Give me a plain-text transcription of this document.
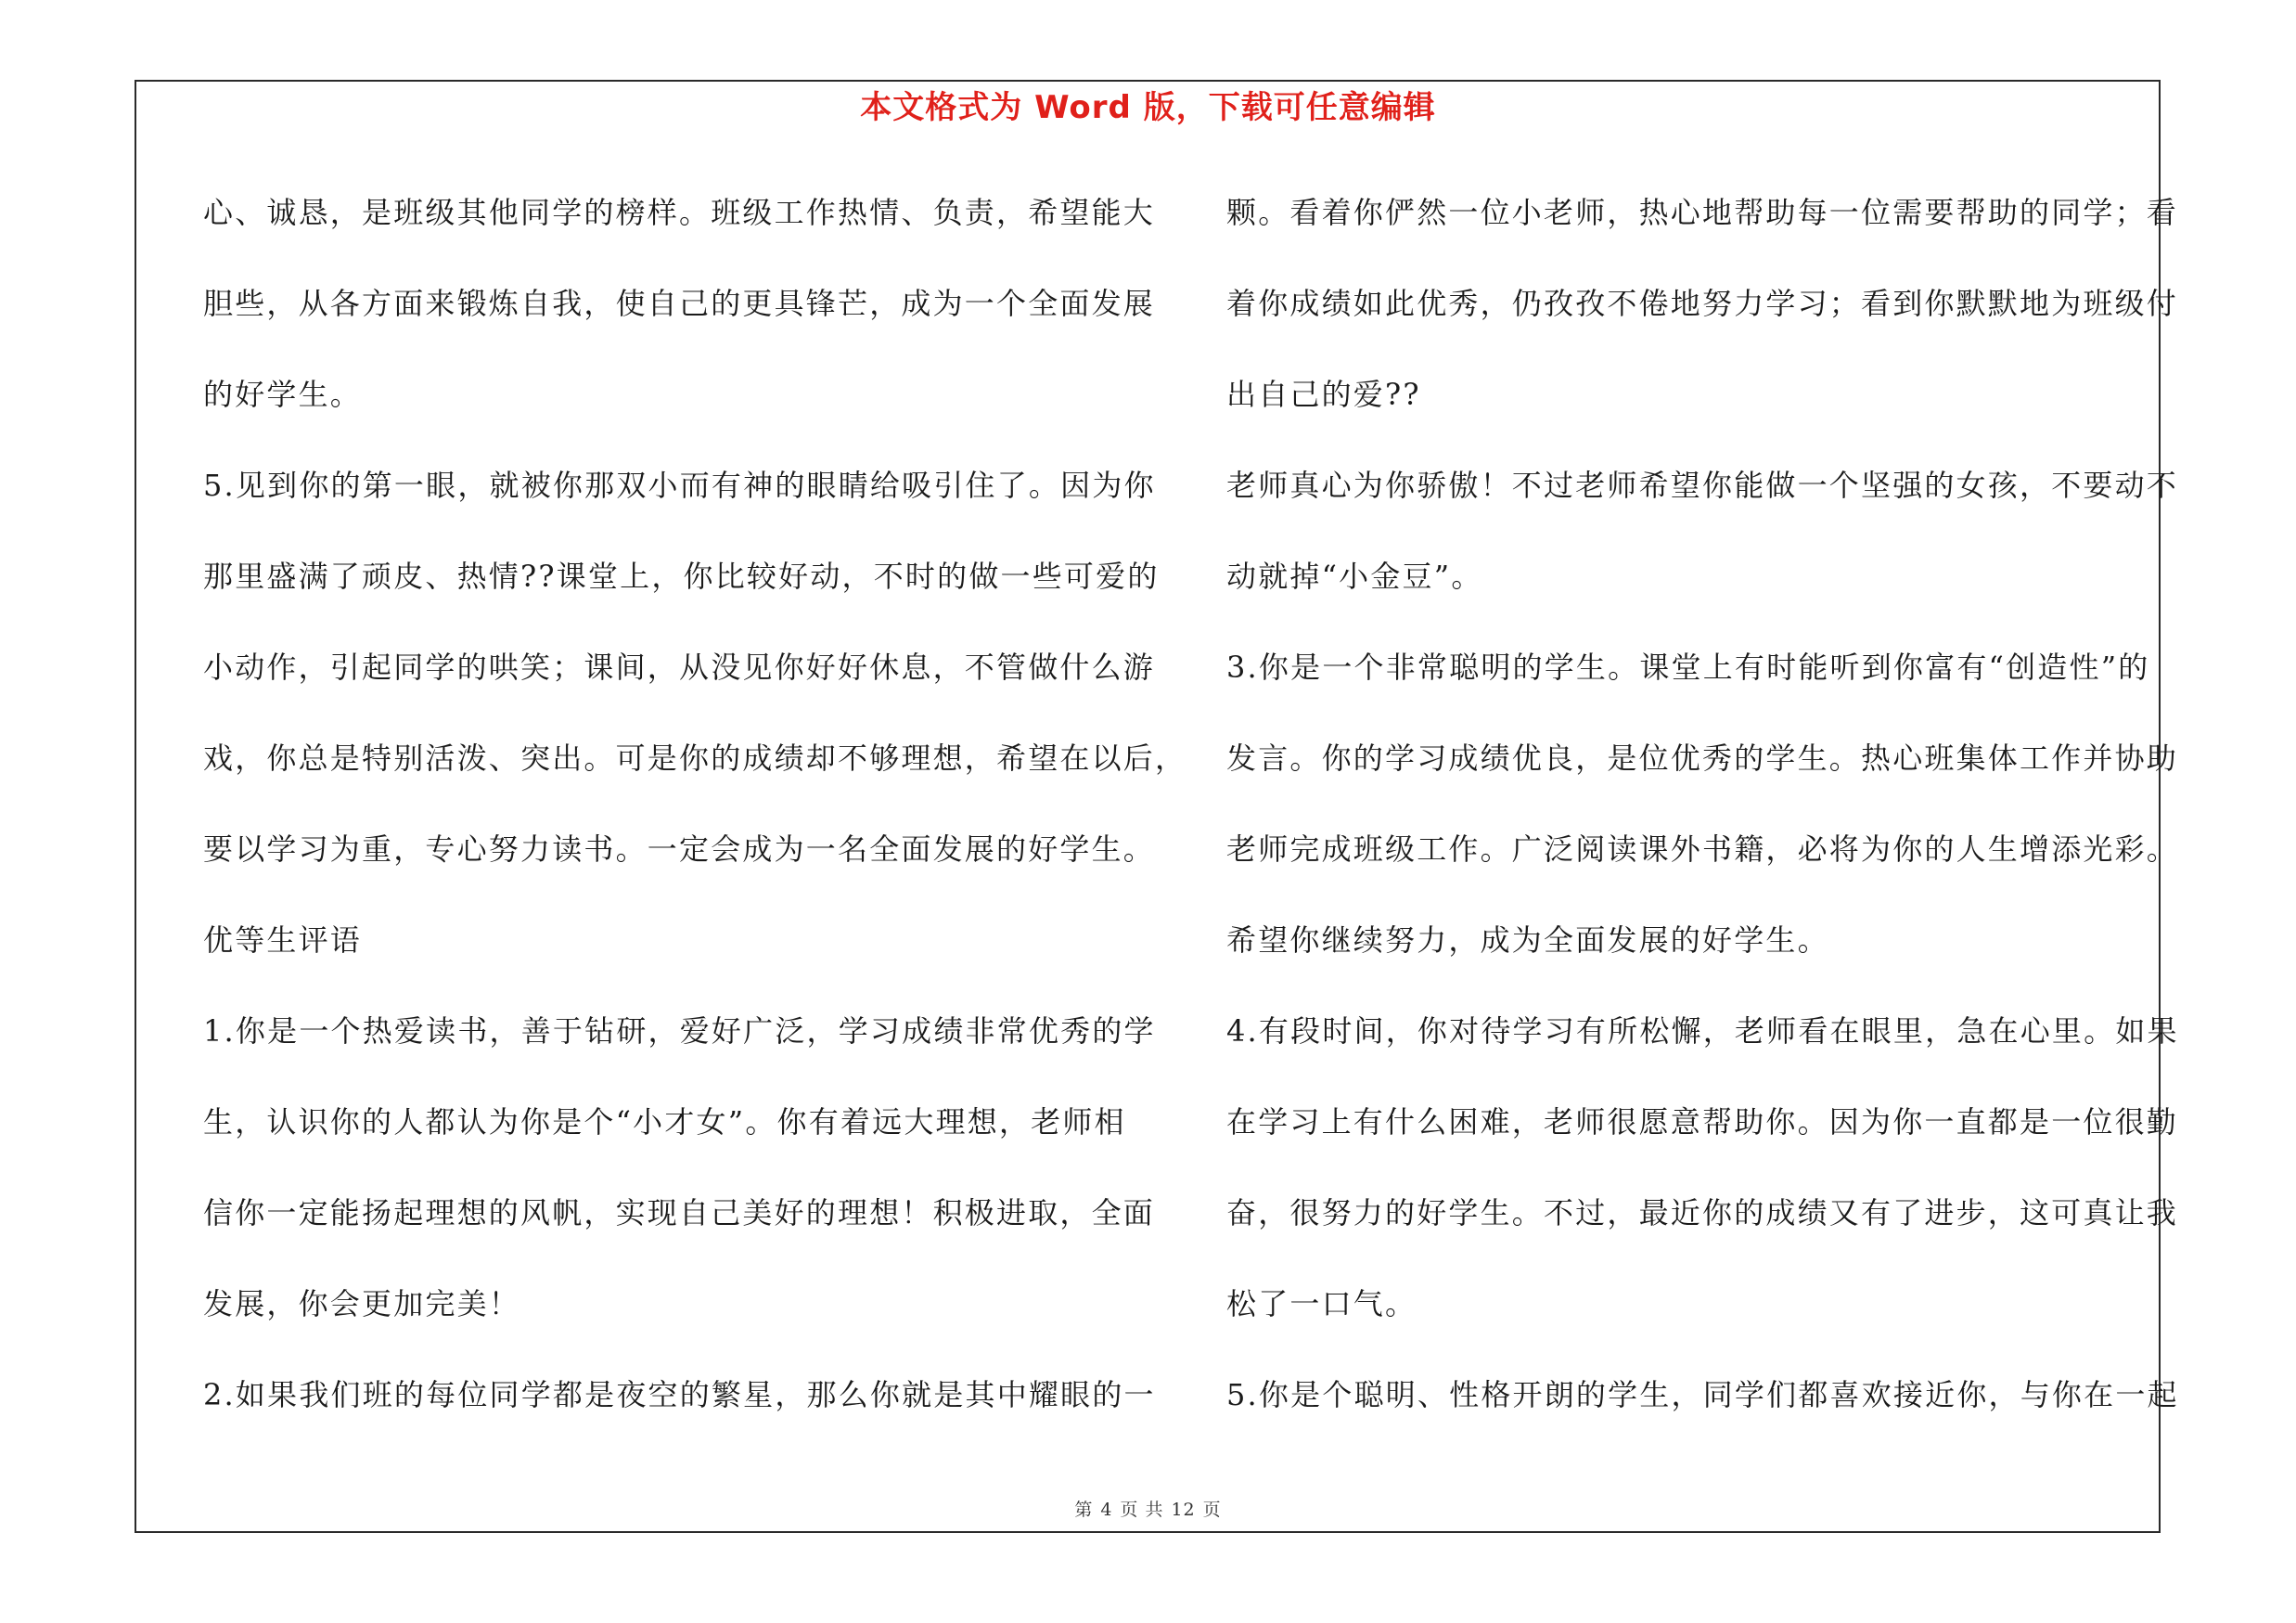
本文格式为 Word 版，下载可任意编辑
心、诚恳，是班级其他同学的榜样。班级工作热情、负责，希望能大
胆些，从各方面来锻炼自我，使自己的更具锋芒，成为一个全面发展
的好学生。
5.见到你的第一眼，就被你那双小而有神的眼睛给吸引住了。因为你
那里盛满了顽皮、热情??课堂上，你比较好动，不时的做一些可爱的
小动作，引起同学的哄笑；课间，从没见你好好休息，不管做什么游
戏，你总是特别活泼、突出。可是你的成绩却不够理想，希望在以后，
要以学习为重，专心努力读书。一定会成为一名全面发展的好学生。
优等生评语
1.你是一个热爱读书，善于钻研，爱好广泛，学习成绩非常优秀的学
生，认识你的人都认为你是个“小才女”。你有着远大理想，老师相
信你一定能扬起理想的风帆，实现自己美好的理想！积极进取，全面
发展，你会更加完美！
2.如果我们班的每位同学都是夜空的繁星，那么你就是其中耀眼的一
颗。看着你俨然一位小老师，热心地帮助每一位需要帮助的同学；看
着你成绩如此优秀，仍孜孜不倦地努力学习；看到你默默地为班级付
出自己的爱??
老师真心为你骄傲！不过老师希望你能做一个坚强的女孩，不要动不
动就掉“小金豆”。
3.你是一个非常聪明的学生。课堂上有时能听到你富有“创造性”的
发言。你的学习成绩优良，是位优秀的学生。热心班集体工作并协助
老师完成班级工作。广泛阅读课外书籍，必将为你的人生增添光彩。
希望你继续努力，成为全面发展的好学生。
4.有段时间，你对待学习有所松懈，老师看在眼里，急在心里。如果
在学习上有什么困难，老师很愿意帮助你。因为你一直都是一位很勤
奋，很努力的好学生。不过，最近你的成绩又有了进步，这可真让我
松了一口气。
5.你是个聪明、性格开朗的学生，同学们都喜欢接近你，与你在一起
第 4 页 共 12 页
